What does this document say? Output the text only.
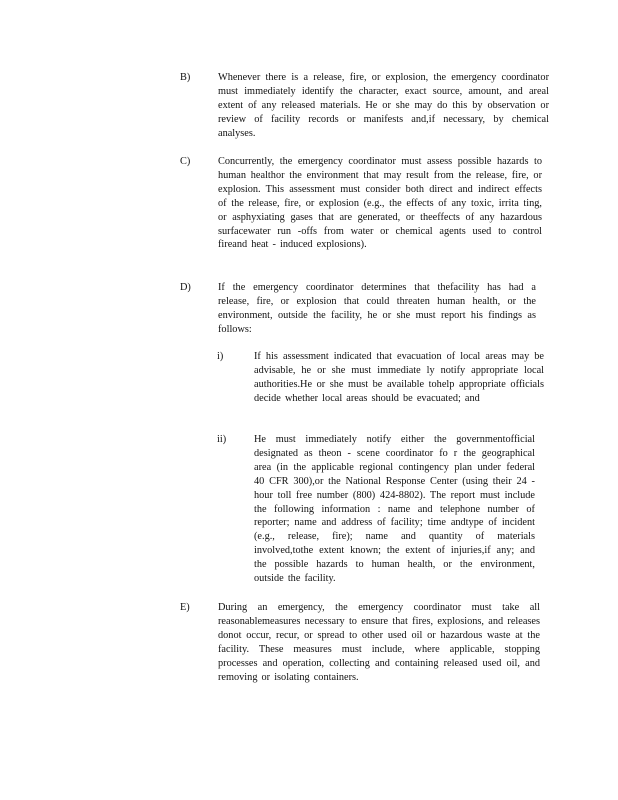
B)	Whenever there is a release, fire, or explosion, the emergency coordinator must immediately identify the character, exact source, amount, and areal extent of any released materials. He or she may do this by observation or review of facility records or manifests and,if necessary, by chemical analyses.
C)	Concurrently, the emergency coordinator must assess possible hazards to human healthor the environment that may result from the release, fire, or explosion. This assessment must consider both direct and indirect effects of the release, fire, or explosion (e.g., the effects of any toxic, irrita ting, or asphyxiating gases that are generated, or theeffects of any hazardous surfacewater run -offs from water or chemical agents used to control fireand heat - induced explosions).
D)	If the emergency coordinator determines that thefacility has had a release, fire, or explosion that could threaten human health, or the environment, outside the facility, he or she must report his findings as follows:
i)	If his assessment indicated that evacuation of local areas may be advisable, he or she must immediate ly notify appropriate local authorities.He or she must be available tohelp appropriate officials decide whether local areas should be evacuated; and
ii)	He must immediately notify either the governmentofficial designated as theon - scene coordinator fo r the geographical area (in the applicable regional contingency plan under federal 40 CFR 300),or the National Response Center (using their 24 -hour toll free number (800) 424-8802). The report must include the following information : name and telephone number of reporter; name and address of facility; time andtype of incident (e.g., release, fire); name and quantity of materials involved,tothe extent known; the extent of injuries,if any; and the possible hazards to human health, or the environment, outside the facility.
E)	During an emergency, the emergency coordinator must take all reasonablemeasures necessary to ensure that fires, explosions, and releases donot occur, recur, or spread to other used oil or hazardous waste at the facility. These measures must include, where applicable, stopping processes and operation, collecting and containing released used oil, and removing or isolating containers.
